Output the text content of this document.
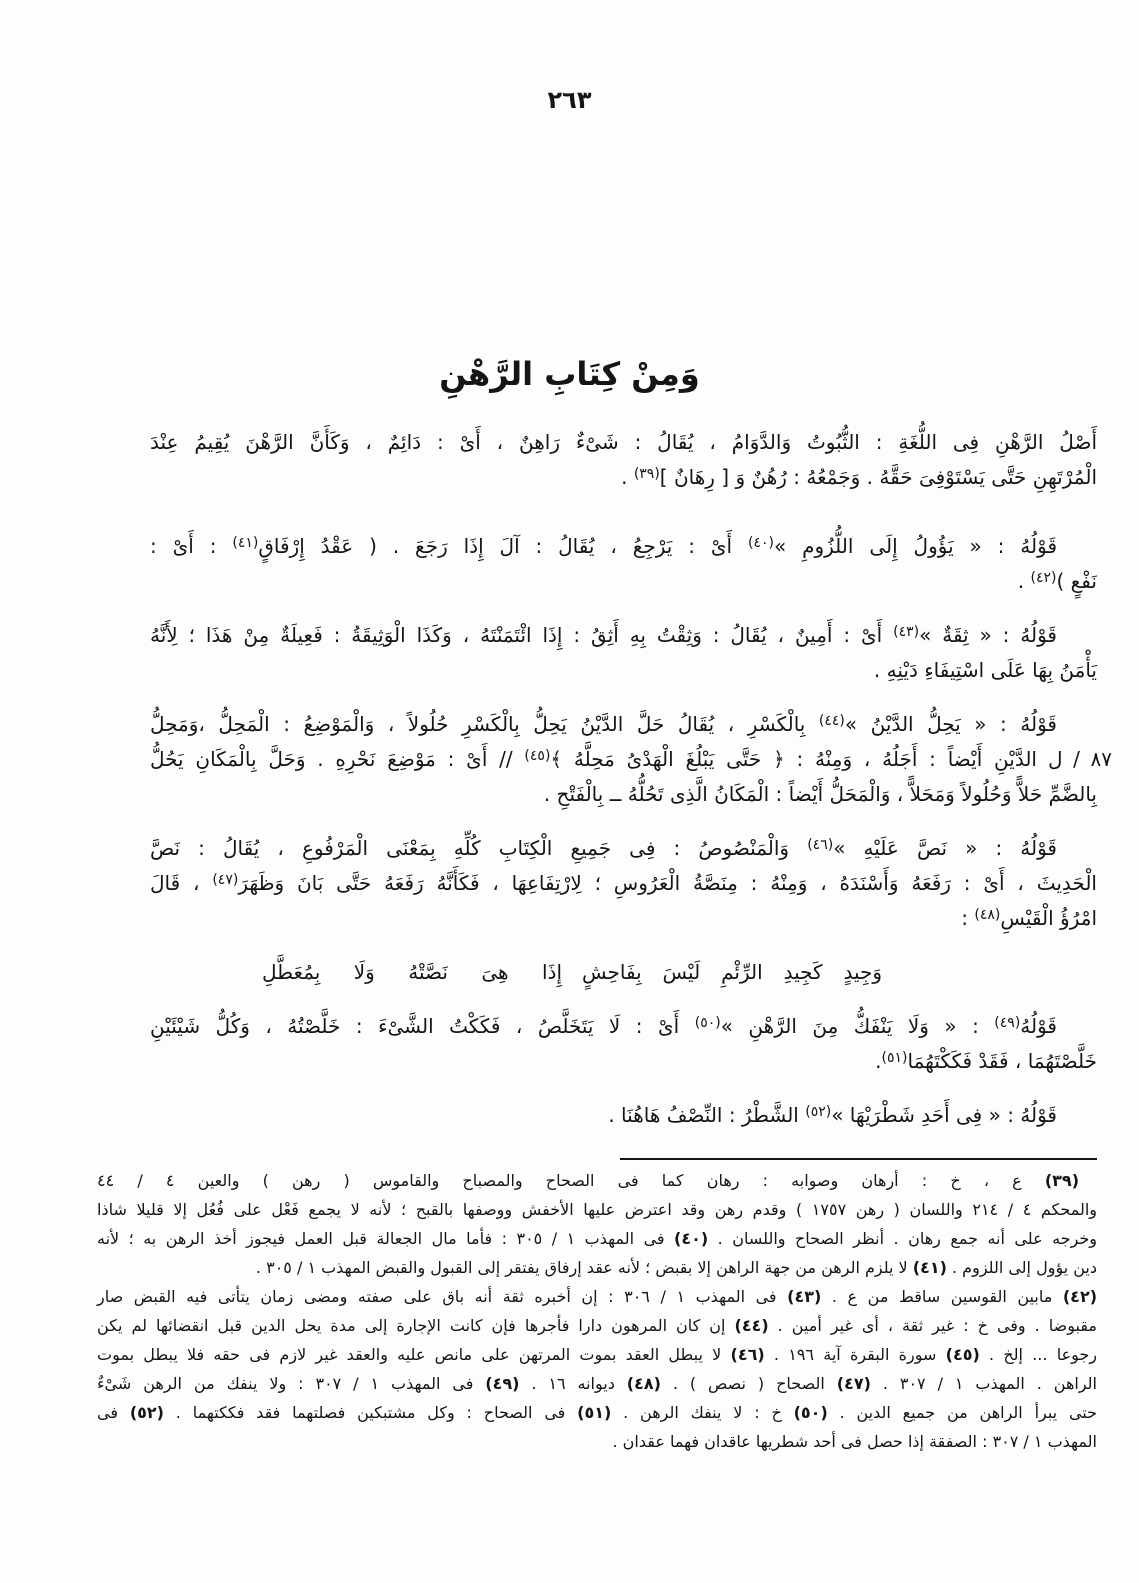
٢٦٣
وَمِنْ كِتَابِ الرَّهْنِ
أَصْلُ الرَّهْنِ فِى اللُّغَةِ : الثُّبُوتُ وَالدَّوَامُ ، يُقَالُ : شَىْءٌ رَاهِنٌ ، أَىْ : دَائِمٌ ، وَكَأَنَّ الرَّهْنَ يُقِيمُ عِنْدَ
الْمُرْتَهِنِ حَتَّى يَسْتَوْفِىَ حَقَّهُ . وَجَمْعُهُ : رُهُنٌ وَ [ رِهَانٌ ]$^{(٣٩)}$ .
قَوْلُهُ : « يَؤُولُ إِلَى اللُّزُومِ »$^{(٤٠)}$ أَىْ : يَرْجِعُ ، يُقَالُ : آلَ إِذَا رَجَعَ . ( عَقْدُ إِرْفَاقٍ$^{(٤١)}$ : أَىْ :
نَفْعٍ )$^{(٤٢)}$ .
قَوْلُهُ : « ثِقَةٌ »$^{(٤٣)}$ أَىْ : أَمِينٌ ، يُقَالُ : وَثِقْتُ بِهِ أَثِقُ : إِذَا ائْتَمَنْتَهُ ، وَكَذَا الْوَثِيقَةُ : فَعِيلَةٌ مِنْ هَذَا ؛ لِأَنَّهُ
يَأْمَنُ بِهَا عَلَى اسْتِيفَاءِ دَيْنِهِ .
قَوْلُهُ : « يَحِلُّ الدَّيْنُ »$^{(٤٤)}$ بِالْكَسْرِ ، يُقَالُ حَلَّ الدَّيْنُ يَحِلُّ بِالْكَسْرِ حُلُولاً ، وَالْمَوْضِعُ : الْمَحِلُّ ،وَمَحِلُّ
الدَّيْنِ أَيْضاً : أَجَلُهُ ، وَمِنْهُ : ﴿ حَتَّى يَبْلُغَ الْهَدْىُ مَحِلَّهُ ﴾$^{(٤٥)}$ // أَىْ : مَوْضِعَ نَحْرِهِ . وَحَلَّ بِالْمَكَانِ يَحُلُّ	ل / ٨٧
بِالضَّمِّ حَلاًّ وَحُلُولاً وَمَحَلاًّ ، وَالْمَحَلُّ أَيْضاً : الْمَكَانُ الَّذِى تَحُلُّهُ ــ بِالْفَتْحِ .
قَوْلُهُ : « نَصَّ عَلَيْهِ »$^{(٤٦)}$ وَالْمَنْصُوصُ : فِى جَمِيعِ الْكِتَابِ كُلِّهِ بِمَعْنَى الْمَرْفُوعِ ، يُقَالُ : نَصَّ
الْحَدِيثَ ، أَىْ : رَفَعَهُ وَأَسْنَدَهُ ، وَمِنْهُ : مِنَصَّةُ الْعَرُوسِ ؛ لِارْتِفَاعِهَا ، فَكَأَنَّهُ رَفَعَهُ حَتَّى بَانَ وَظَهَرَ$^{(٤٧)}$ ، قَالَ
امْرُؤُ الْقَيْسِ$^{(٤٨)}$ :
وَجِيدٍ كَجِيدِ الرِّئْمِ لَيْسَ بِفَاحِشٍ
إِذَا هِىَ نَصَّتْهُ وَلَا بِمُعَطَّلِ
قَوْلُهُ$^{(٤٩)}$ : « وَلَا يَنْفَكُّ مِنَ الرَّهْنِ »$^{(٥٠)}$ أَىْ : لَا يَتَخَلَّصُ ، فَكَكْتُ الشَّىْءَ : خَلَّصْتُهُ ، وَكُلُّ شَيْئَيْنِ
خَلَّصْتَهُمَا ، فَقَدْ فَكَكْتَهُمَا$^{(٥١)}$.
قَوْلُهُ : « فِى أَحَدِ شَطْرَيْهَا »$^{(٥٢)}$ الشَّطْرُ : النِّصْفُ هَاهُنَا .
(٣٩) ع ، خ : أرهان وصوابه : رهان كما فى الصحاح والمصباح والقاموس ( رهن ) والعين ٤ / ٤٤
والمحكم ٤ / ٢١٤ واللسان ( رهن ١٧٥٧ ) وقدم رهن وقد اعترض عليها الأخفش ووصفها بالقبح ؛ لأنه لا يجمع فَعْل على فُعُل إلا قليلا شاذا
وخرجه على أنه جمع رهان . أنظر الصحاح واللسان . (٤٠) فى المهذب ١ / ٣٠٥ : فأما مال الجعالة قبل العمل فيجوز أخذ الرهن به ؛ لأنه
دين يؤول إلى اللزوم . (٤١) لا يلزم الرهن من جهة الراهن إلا بقبض ؛ لأنه عقد إرفاق يفتقر إلى القبول والقبض المهذب ١ / ٣٠٥ .
(٤٢) مابين القوسين ساقط من ع . (٤٣) فى المهذب ١ / ٣٠٦ : إن أخبره ثقة أنه باق على صفته ومضى زمان يتأتى فيه القبض صار
مقبوضا . وفى خ : غير ثقة ، أى غير أمين . (٤٤) إن كان المرهون دارا فأجرها فإن كانت الإجارة إلى مدة يحل الدين قبل انقضائها لم يكن
رجوعا ... إلخ . (٤٥) سورة البقرة آية ١٩٦ . (٤٦) لا يبطل العقد بموت المرتهن على مانص عليه والعقد غير لازم فى حقه فلا يبطل بموت
الراهن . المهذب ١ / ٣٠٧ . (٤٧) الصحاح ( نصص ) . (٤٨) ديوانه ١٦ . (٤٩) فى المهذب ١ / ٣٠٧ : ولا ينفك من الرهن شَىْءٌ
حتى يبرأ الراهن من جميع الدين . (٥٠) خ : لا ينفك الرهن . (٥١) فى الصحاح : وكل مشتبكين فصلتهما فقد فككتهما . (٥٢) فى
المهذب ١ / ٣٠٧ : الصفقة إذا حصل فى أحد شطريها عاقدان فهما عقدان .
